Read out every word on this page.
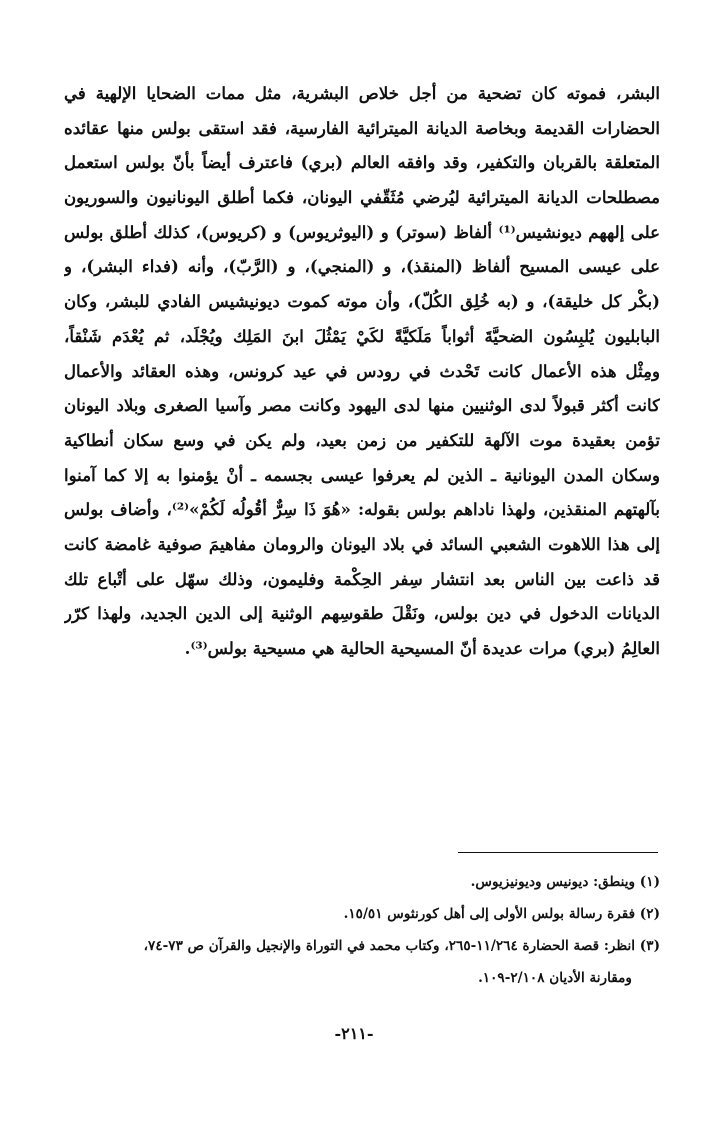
البشر، فموته كان تضحية من أجل خلاص البشرية، مثل ممات الضحايا الإلهية في
الحضارات القديمة وبخاصة الديانة الميترائية الفارسية، فقد استقى بولس منها عقائده
المتعلقة بالقربان والتكفير، وقد وافقه العالم (بري) فاعترف أيضاً بأنّ بولس استعمل
مصطلحات الديانة الميترائية ليُرضي مُثَقّفي اليونان، فكما أطلق اليونانيون والسوريون
على إلههم ديونشيس⁽¹⁾ ألفاظ (سوتر) و (اليوثريوس) و (كريوس)، كذلك أطلق بولس
على عيسى المسيح ألفاظ (المنقذ)، و (المنجي)، و (الرَّبّ)، وأنه (فداء البشر)، و
(بكْر كل خليقة)، و (به خُلِق الكُلّ)، وأن موته كموت ديونيشيس الفادي للبشر، وكان
البابليون يُلبِسُون الضحيَّةَ أثواباً مَلَكيَّةً لكَيْ يَمْثُلَ ابنَ المَلِك ويُجْلَد، ثم يُعْدَم شَنْقاً،
ومِثْل هذه الأعمال كانت تَحْدث في رودس في عيد كرونس، وهذه العقائد والأعمال
كانت أكثر قبولاً لدى الوثنيين منها لدى اليهود وكانت مصر وآسيا الصغرى وبلاد اليونان
تؤمن بعقيدة موت الآلهة للتكفير من زمن بعيد، ولم يكن في وسع سكان أنطاكية
وسكان المدن اليونانية ـ الذين لم يعرفوا عيسى بجسمه ـ أنْ يؤمنوا به إلا كما آمنوا
بآلهتهم المنقذين، ولهذا ناداهم بولس بقوله: «هُوَ ذَا سِرٌّ أقُولُه لَكُمْ»⁽²⁾، وأضاف بولس
إلى هذا اللاهوت الشعبي السائد في بلاد اليونان والرومان مفاهيمَ صوفية غامضة كانت
قد ذاعت بين الناس بعد انتشار سِفر الحِكْمة وفليمون، وذلك سهّل على أتْباع تلك
الديانات الدخول في دين بولس، ونَقْلَ طقوسِهم الوثنية إلى الدين الجديد، ولهذا كرّر
العالِمُ (بري) مرات عديدة أنّ المسيحية الحالية هي مسيحية بولس⁽³⁾.
(١) وينطق: ديونيس وديونيزيوس.
(٢) فقرة رسالة بولس الأولى إلى أهل كورنثوس ١٥/٥١.
(٣) انظر: قصة الحضارة ١١/٢٦٤-٢٦٥، وكتاب محمد في التوراة والإنجيل والقرآن ص ٧٣-٧٤،
ومقارنة الأديان ٢/١٠٨-١٠٩.
-٢١١-
